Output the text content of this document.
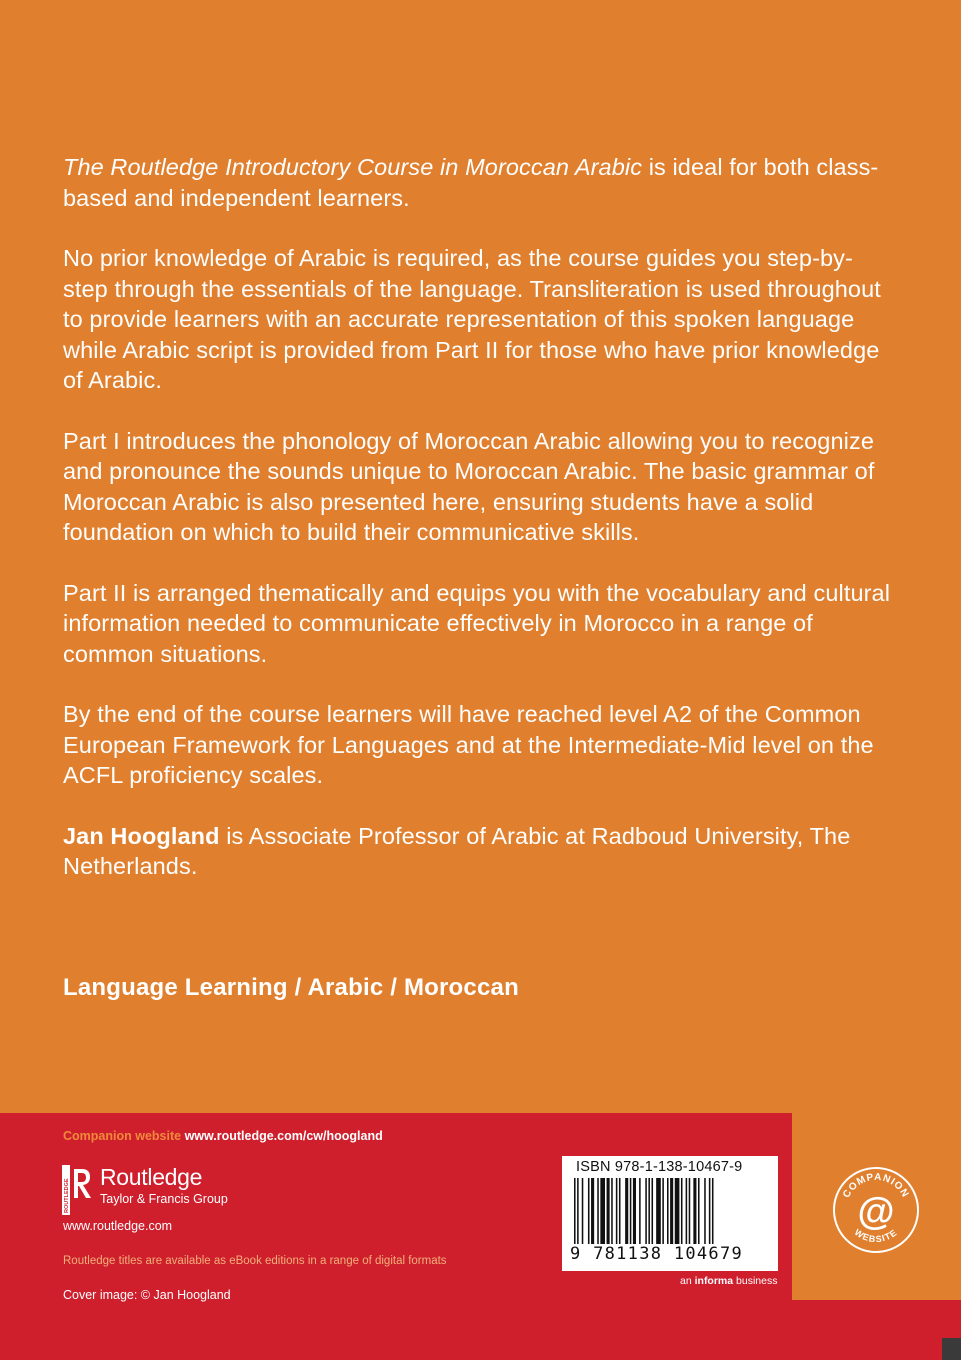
The Routledge Introductory Course in Moroccan Arabic is ideal for both class-based and independent learners.

No prior knowledge of Arabic is required, as the course guides you step-by-step through the essentials of the language. Transliteration is used throughout to provide learners with an accurate representation of this spoken language while Arabic script is provided from Part II for those who have prior knowledge of Arabic.

Part I introduces the phonology of Moroccan Arabic allowing you to recognize and pronounce the sounds unique to Moroccan Arabic. The basic grammar of Moroccan Arabic is also presented here, ensuring students have a solid foundation on which to build their communicative skills.

Part II is arranged thematically and equips you with the vocabulary and cultural information needed to communicate effectively in Morocco in a range of common situations.

By the end of the course learners will have reached level A2 of the Common European Framework for Languages and at the Intermediate-Mid level on the ACFL proficiency scales.

Jan Hoogland is Associate Professor of Arabic at Radboud University, The Netherlands.

Language Learning / Arabic / Moroccan
Companion website www.routledge.com/cw/hoogland
ROUTLEDGE
Routledge
Taylor & Francis Group
www.routledge.com
Routledge titles are available as eBook editions in a range of digital formats
Cover image: © Jan Hoogland
ISBN 978-1-138-10467-9
9 781138 104679
an informa business
COMPANION
WEBSITE
@
